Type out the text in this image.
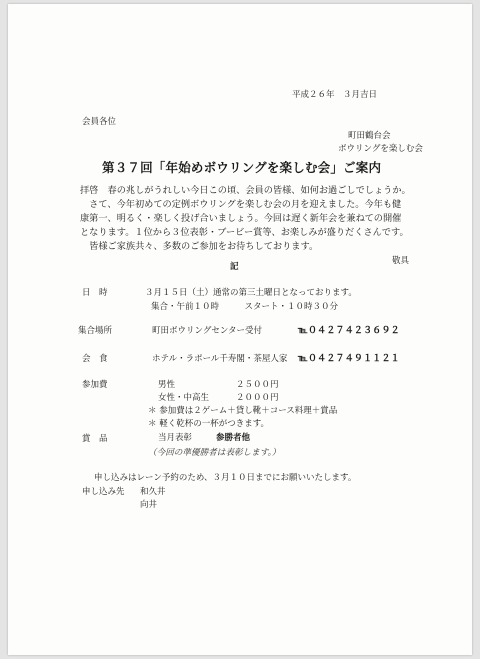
平成２６年　３月吉日
会員各位
町田鶴台会
ボウリングを楽しむ会
第３７回「年始めボウリングを楽しむ会」ご案内
拝啓　春の兆しがうれしい今日この頃、会員の皆様、如何お過ごしでしょうか。
　さて、今年初めての定例ボウリングを楽しむ会の月を迎えました。今年も健
康第一、明るく・楽しく投げ合いましょう。今回は遅く新年会を兼ねての開催
となります。１位から３位表彰・ブービー賞等、お楽しみが盛りだくさんです。
　皆様ご家族共々、多数のご参加をお待ちしております。
敬具
記
日　時	３月１５日（土）通常の第三土曜日となっております。
集合・午前１０時　　　スタート・１０時３０分
集合場所	町田ボウリングセンター受付	℡０４２７４２３６９２
会　食	ホテル・ラポール千寿閣・茶屋人家 ℡０４２７４９１１２１
参加費	男性	２５００円
女性・中高生	２０００円
＊ 参加費は２ゲーム＋貸し靴＋コース料理＋賞品
＊ 軽く乾杯の一杯がつきます。
賞　品	当月表彰	参勝者他
（今回の準優勝者は表彰します。）
申し込みはレーン予約のため、３月１０日までにお願いいたします。
申し込み先 和久井
向井
